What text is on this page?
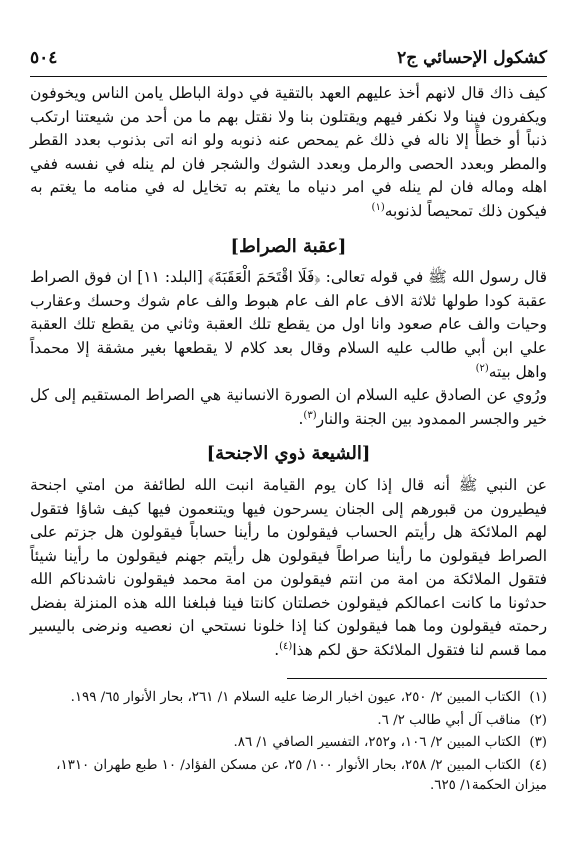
كشكول الإحسائي ج٢
٥٠٤

كيف ذاك قال لانهم أخذ عليهم العهد بالتقية في دولة الباطل يامن الناس ويخوفون ويكفرون فينا ولا نكفر فيهم ويقتلون بنا ولا نقتل بهم ما من أحد من شيعتنا ارتكب ذنباً أو خطأً إلا ناله في ذلك غم يمحص عنه ذنوبه ولو انه اتى بذنوب بعدد القطر والمطر وبعدد الحصى والرمل وبعدد الشوك والشجر فان لم ينله في نفسه ففي اهله وماله فان لم ينله في امر دنياه ما يغتم به تخايل له في منامه ما يغتم به فيكون ذلك تمحيصاً لذنوبه$^{(١)}$

[عقبة الصراط]

قال رسول الله ﷺ في قوله تعالى: ﴿فَلَا اقْتَحَمَ الْعَقَبَةَ﴾ [البلد: ١١] ان فوق الصراط عقبة كودا طولها ثلاثة الاف عام الف عام هبوط والف عام شوك وحسك وعقارب وحيات والف عام صعود وانا اول من يقطع تلك العقبة وثاني من يقطع تلك العقبة علي ابن أبي طالب عليه السلام وقال بعد كلام لا يقطعها بغير مشقة إلا محمداً واهل بيته$^{(٢)}$

ورُوي عن الصادق عليه السلام ان الصورة الانسانية هي الصراط المستقيم إلى كل خير والجسر الممدود بين الجنة والنار$^{(٣)}$.

[الشيعة ذوي الاجنحة]

عن النبي ﷺ أنه قال إذا كان يوم القيامة انبت الله لطائفة من امتي اجنحة فيطيرون من قبورهم إلى الجنان يسرحون فيها ويتنعمون فيها كيف شاؤا فتقول لهم الملائكة هل رأيتم الحساب فيقولون ما رأينا حساباً فيقولون هل جزتم على الصراط فيقولون ما رأينا صراطاً فيقولون هل رأيتم جهنم فيقولون ما رأينا شيئاً فتقول الملائكة من امة من انتم فيقولون من امة محمد فيقولون ناشدناكم الله حدثونا ما كانت اعمالكم فيقولون خصلتان كانتا فينا فبلغنا الله هذه المنزلة بفضل رحمته فيقولون وما هما فيقولون كنا إذا خلونا نستحي ان نعصيه ونرضى باليسير مما قسم لنا فتقول الملائكة حق لكم هذا$^{(٤)}$.

(١) الكتاب المبين ٢/ ٢٥٠، عيون اخبار الرضا عليه السلام ١/ ٢٦١، بحار الأنوار ٦٥/ ١٩٩.
(٢) مناقب آل أبي طالب ٢/ ٦.
(٣) الكتاب المبين ٢/ ١٠٦، و٢٥٢، التفسير الصافي ١/ ٨٦.
(٤) الكتاب المبين ٢/ ٢٥٨، بحار الأنوار ١٠٠/ ٢٥، عن مسكن الفؤاد/ ١٠ طبع طهران ١٣١٠، ميزان الحكمة١/ ٦٢٥.
